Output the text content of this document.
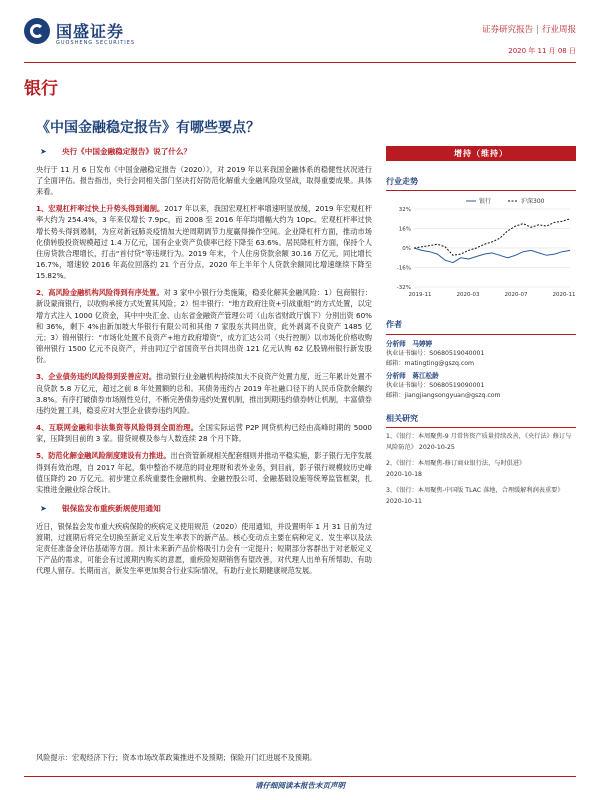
国盛证券
GUOSHENG SECURITIES
证券研究报告 | 行业周报
2020 年 11 月 08 日
银行
《中国金融稳定报告》有哪些要点？
增持（维持）
➤ 央行《中国金融稳定报告》说了什么？

央行于 11 月 6 日发布《中国金融稳定报告（2020）》，对 2019 年以来我国金融体系的稳健性状况进行了全面评估。报告指出，央行会同相关部门坚决打好防范化解重大金融风险攻坚战，取得重要成果。具体来看。

1、宏观杠杆率过快上升势头得到遏制。2017 年以来，我国宏观杠杆率增速明显放缓，2019 年宏观杠杆率大约为 254.4%，3 年来仅增长 7.9pc，而 2008 至 2016 年年均增幅大约为 10pc。宏观杠杆率过快增长势头得到遏制，为应对新冠肺炎疫情加大逆周期调节力度赢得操作空间。企业降杠杆方面，推动市场化债转股投资规模超过 1.4 万亿元，国有企业资产负债率已经下降至 63.6%。居民降杠杆方面，保持个人住房贷款合理增长，打击“首付贷”等违规行为。2019 年末，个人住房贷款余额 30.16 万亿元，同比增长 16.7%，增速较 2016 年高位回落约 21 个百分点，2020 年上半年个人贷款余额同比增速继续下降至 15.82%。

2、高风险金融机构风险得到有序处置。对 3 家中小银行分类施策，稳妥化解其金融风险：1）包商银行：新设蒙商银行，以收购承接方式处置其风险；2）恒丰银行：“地方政府注资+引战重组”的方式处置，以定增方式注入 1000 亿资金，其中中央汇金、山东省金融资产管理公司（山东省财政厅旗下）分别出资 60%和 36%，剩下 4%由新加坡大华银行有限公司和其他 7 家股东共同出资，此外剥离不良资产 1485 亿元；3）锦州银行：“市场化处置不良资产+地方政府增资”，成方汇达公司（央行控制）以市场化价格收购锦州银行 1500 亿元不良资产，并由同辽宁省国资平台共同出资 121 亿元认购 62 亿股锦州银行新发股份。

3、企业债务违约风险得到妥善应对。推动银行业金融机构持续加大不良资产处置力度，近三年累计处置不良贷款 5.8 万亿元，超过之前 8 年处置额的总和。其债务违约占 2019 年社融口径下的人民币贷款余额约 3.8%。有序打破债券市场刚性兑付，不断完善债券违约处置机制，推出到期违约债券转让机制，丰富债券违约处置工具，稳妥应对大型企业债券违约风险。

4、互联网金融和非法集资等风险得到全面治理。全国实际运营 P2P 网贷机构已经由高峰时期的 5000 家，压降到目前的 3 家。借贷规模及参与人数连续 28 个月下降。

5、防范化解金融风险制度建设有力推进。出台资管新规相关配套细则并推动平稳实施，影子银行无序发展得到有效治理，自 2017 年起，集中整治不规范的同业理财和表外业务，到目前，影子银行规模较历史峰值压降约 20 万亿元。初步建立系统重要性金融机构、金融控股公司、金融基础设施等统筹监管框架，扎实推进金融业综合统计。

➤ 银保监发布重疾新规使用通知

近日，银保监会发布重大疾病保险的疾病定义使用规范（2020）使用通知，并设置明年 1 月 31 日前为过渡期，过渡期后将完全切换至新定义后发生率表下的新产品。核心变动点主要在病种定义、发生率以及法定责任准备金评估基础等方面。预计未来新产品价格吸引力会有一定提升；短期部分客群出于对老版定义下产品的需求，可能会有过渡期内购买的意愿，重疾险短期销售有望改善，对代理人出单有所帮助、有助代理人留存。长期而言，新发生率更加契合行业实际情况，有助行业长期健康规范发展。

风险提示：宏观经济下行；资本市场改革政策推进不及预期；保险开门红进展不及预期。
行业走势
32%
16%
0%
-16%
-32%
2019-11	2020-03	2020-07	2020-11
银行	沪深300
作者
分析师　 马婷婷
执业证书编号：S0680519040001
邮箱：matingting@gszq.com
分析师　 蒋江松龄
执业证书编号：S0680519090001
邮箱：jiangjiangsongyuan@gszq.com
相关研究
1、《银行：本周聚焦-9 月常售资产质量持续改善，《央行法》修订与风险防范》 2020-10-25
2、《银行：本周聚焦-修订商业银行法，与时俱进》
2020-10-18
3、《银行：本周聚焦-中国版 TLAC 落地，合理缓解利润表重要》 2020-10-11
请仔细阅读本报告末页声明
